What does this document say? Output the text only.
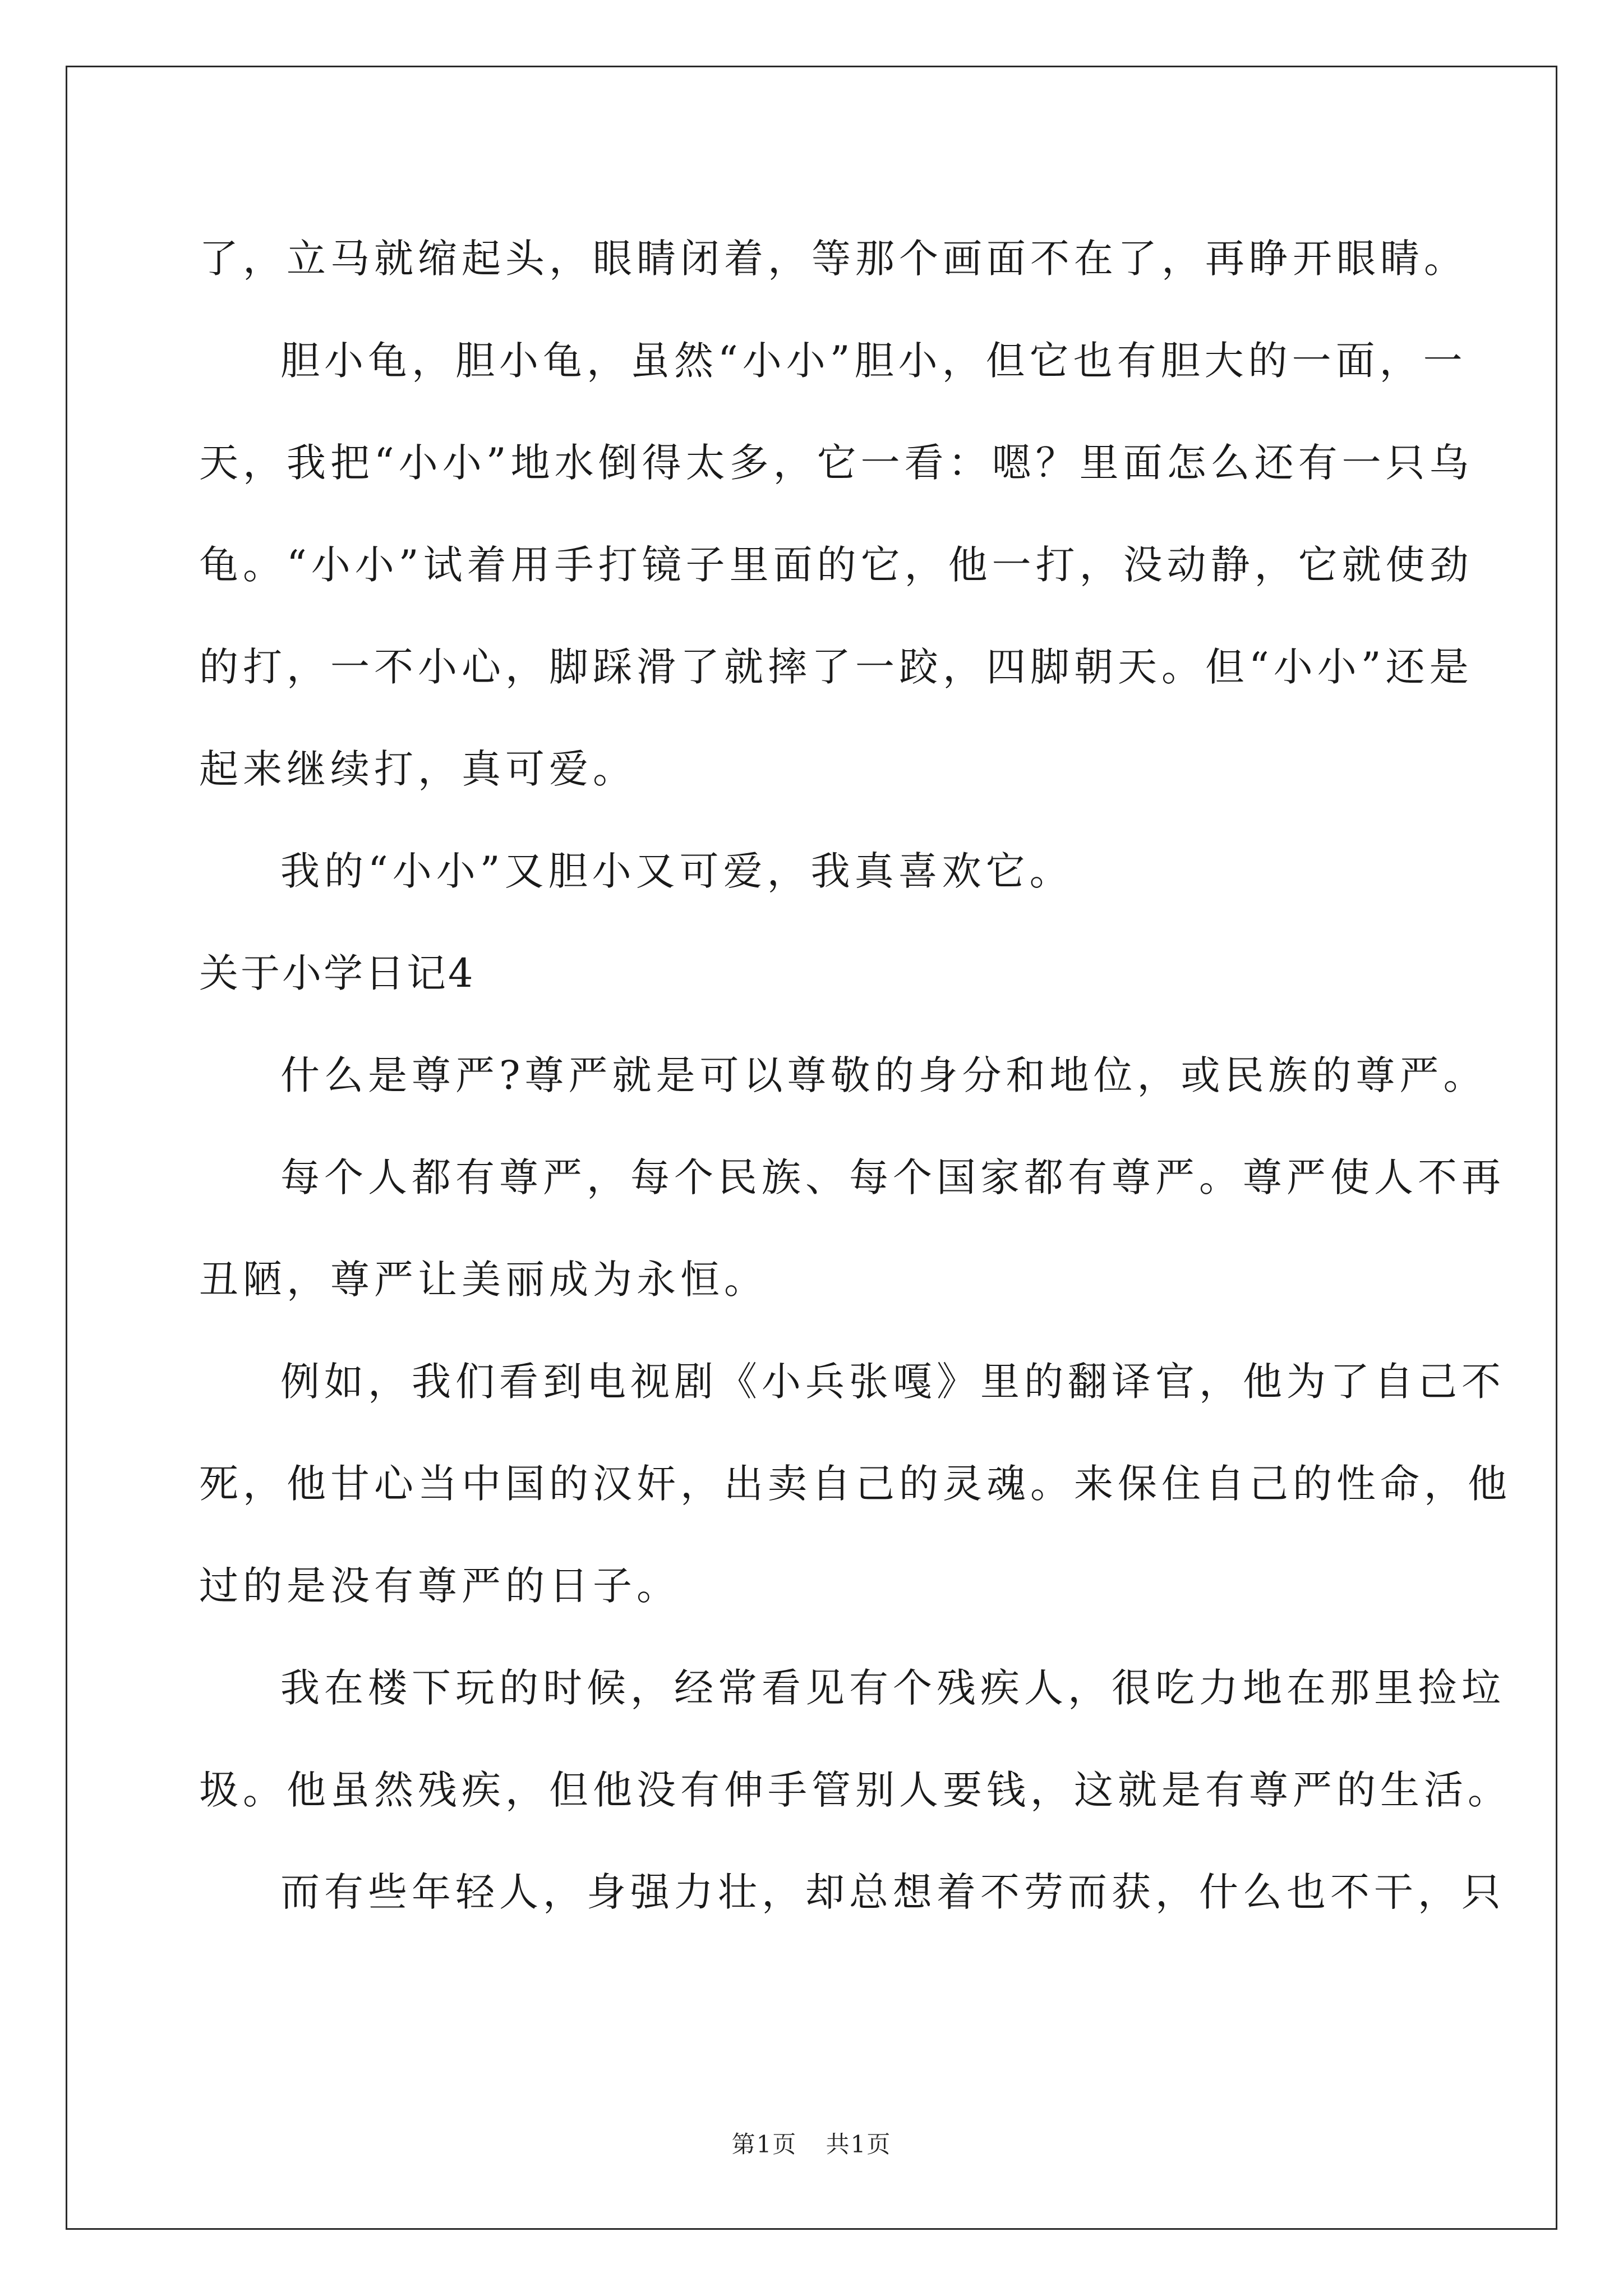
了，立马就缩起头，眼睛闭着，等那个画面不在了，再睁开眼睛。
胆小龟，胆小龟，虽然“小小”胆小，但它也有胆大的一面，一
天，我把“小小”地水倒得太多，它一看：嗯？里面怎么还有一只乌
龟。“小小”试着用手打镜子里面的它，他一打，没动静，它就使劲
的打，一不小心，脚踩滑了就摔了一跤，四脚朝天。但“小小”还是
起来继续打，真可爱。
我的“小小”又胆小又可爱，我真喜欢它。
关于小学日记4
什么是尊严?尊严就是可以尊敬的身分和地位，或民族的尊严。
每个人都有尊严，每个民族、每个国家都有尊严。尊严使人不再
丑陋，尊严让美丽成为永恒。
例如，我们看到电视剧《小兵张嘎》里的翻译官，他为了自己不
死，他甘心当中国的汉奸，出卖自己的灵魂。来保住自己的性命，他
过的是没有尊严的日子。
我在楼下玩的时候，经常看见有个残疾人，很吃力地在那里捡垃
圾。他虽然残疾，但他没有伸手管别人要钱，这就是有尊严的生活。
而有些年轻人，身强力壮，却总想着不劳而获，什么也不干，只
第1页 共1页
